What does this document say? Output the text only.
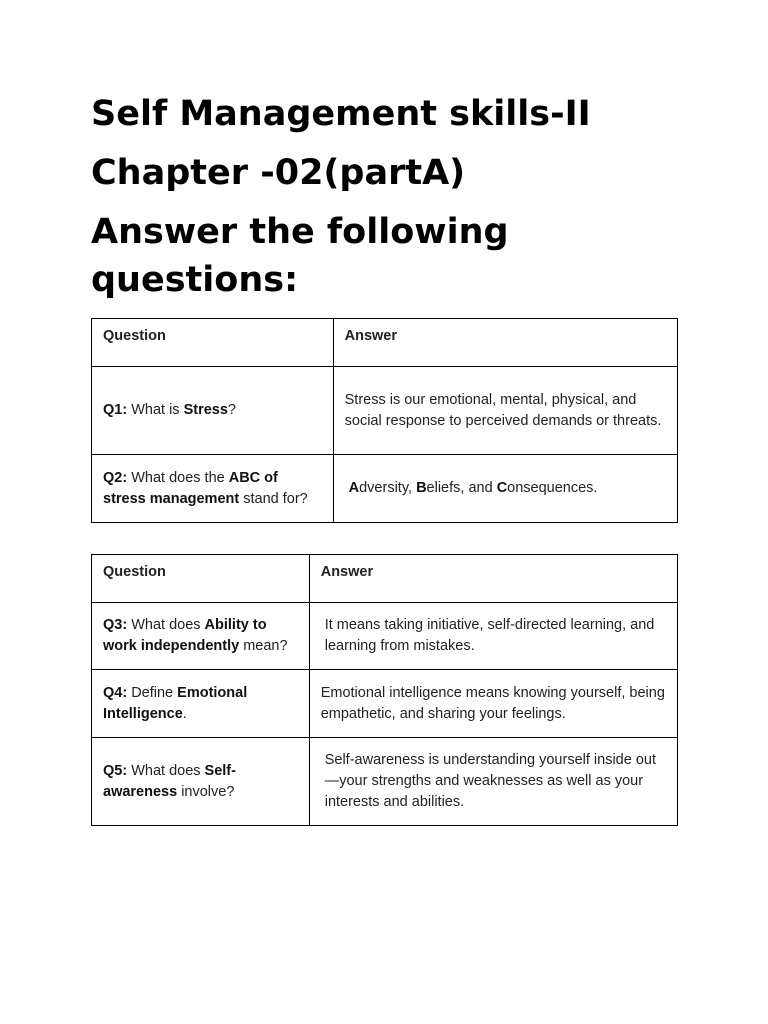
Self Management skills-II
Chapter -02(partA)
Answer the following questions:
Question	Answer
Q1: What is Stress?	Stress is our emotional, mental, physical, and social response to perceived demands or threats.
Q2: What does the ABC of stress management stand for?	Adversity, Beliefs, and Consequences.
Question	Answer
Q3: What does Ability to work independently mean?	It means taking initiative, self-directed learning, and learning from mistakes.
Q4: Define Emotional Intelligence.	Emotional intelligence means knowing yourself, being empathetic, and sharing your feelings.
Q5: What does Self-awareness involve?	Self-awareness is understanding yourself inside out—your strengths and weaknesses as well as your interests and abilities.
